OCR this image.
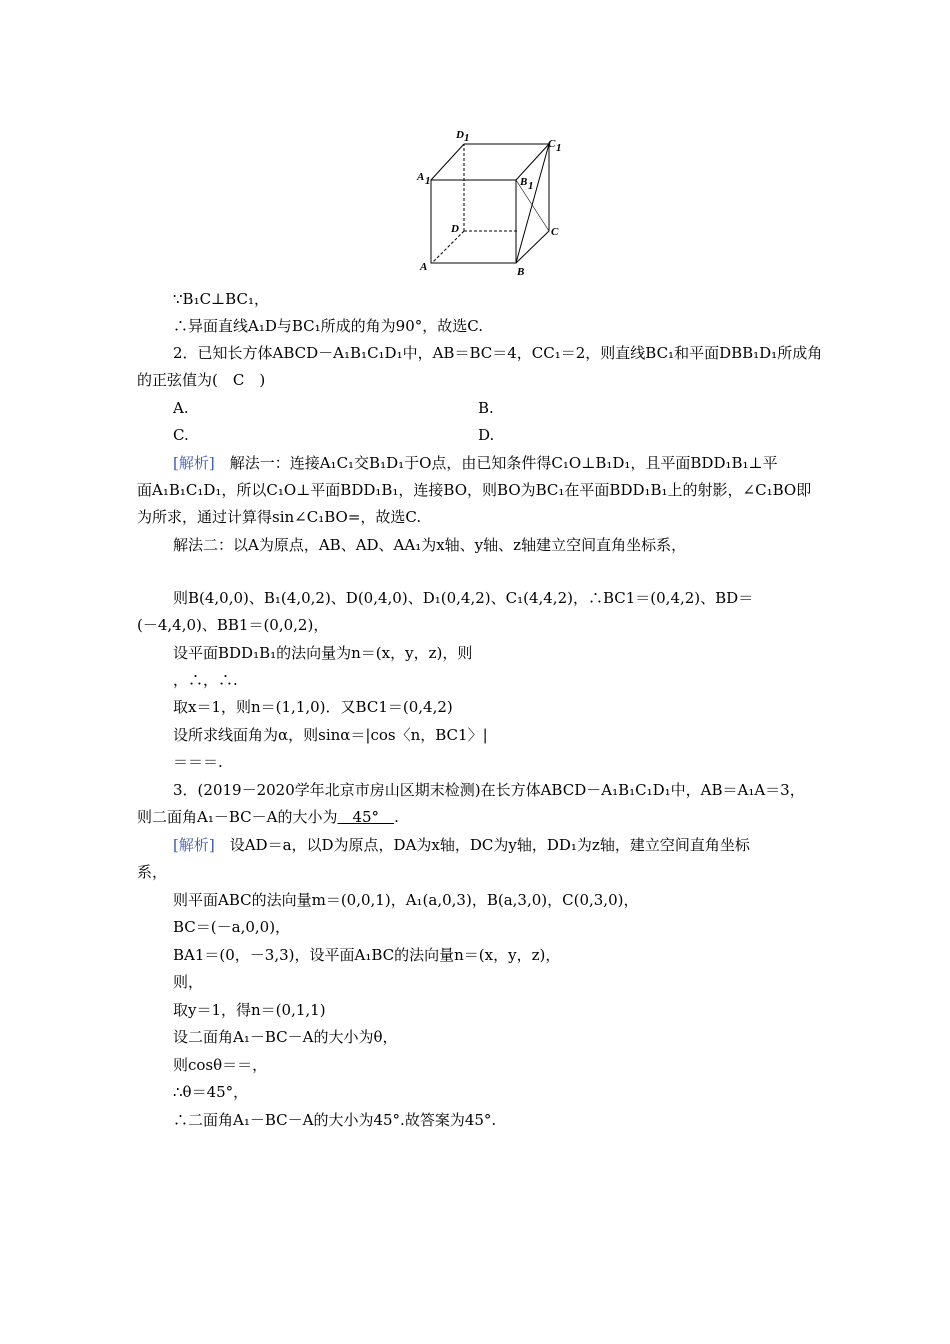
D 1	C 1
A 1	B 1
D	C
A	B
∵B₁C⊥BC₁，
∴异面直线A₁D与BC₁所成的角为90°，故选C.
2．已知长方体ABCD－A₁B₁C₁D₁中，AB＝BC＝4，CC₁＝2，则直线BC₁和平面DBB₁D₁所成角
的正弦值为(　C　)
A.	B.
C.	D.
[解析]　解法一：连接A₁C₁交B₁D₁于O点，由已知条件得C₁O⊥B₁D₁，且平面BDD₁B₁⊥平
面A₁B₁C₁D₁，所以C₁O⊥平面BDD₁B₁，连接BO，则BO为BC₁在平面BDD₁B₁上的射影，∠C₁BO即
为所求，通过计算得sin∠C₁BO=，故选C.
解法二：以A为原点，AB、AD、AA₁为x轴、y轴、z轴建立空间直角坐标系，
则B(4,0,0)、B₁(4,0,2)、D(0,4,0)、D₁(0,4,2)、C₁(4,4,2)，∴BC1＝(0,4,2)、BD＝
(－4,4,0)、BB1＝(0,0,2)，
设平面BDD₁B₁的法向量为n＝(x，y，z)，则
，∴，∴.
取x＝1，则n＝(1,1,0)．又BC1＝(0,4,2)
设所求线面角为α，则sinα＝|cos〈n，BC1〉|
＝＝＝.
3．(2019－2020学年北京市房山区期末检测)在长方体ABCD－A₁B₁C₁D₁中，AB＝A₁A＝3，
则二面角A₁－BC－A的大小为　45°　.
[解析]　设AD＝a，以D为原点，DA为x轴，DC为y轴，DD₁为z轴，建立空间直角坐标
系，
则平面ABC的法向量m＝(0,0,1)，A₁(a,0,3)，B(a,3,0)，C(0,3,0)，
BC＝(－a,0,0)，
BA1＝(0，－3,3)，设平面A₁BC的法向量n＝(x，y，z)，
则，
取y＝1，得n＝(0,1,1)
设二面角A₁－BC－A的大小为θ，
则cosθ＝＝，
∴θ＝45°，
∴二面角A₁－BC－A的大小为45°.故答案为45°.
